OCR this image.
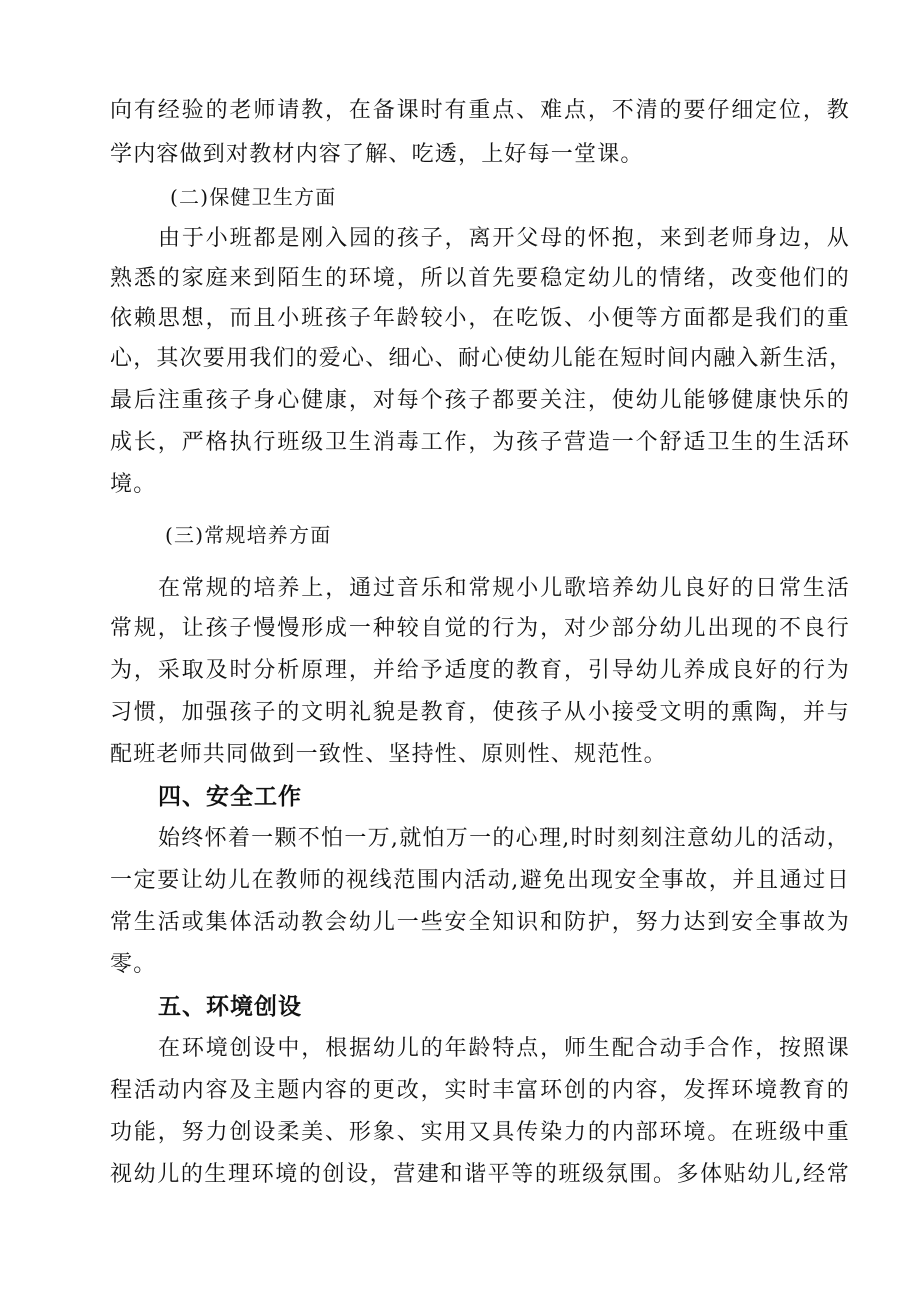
向有经验的老师请教，在备课时有重点、难点，不清的要仔细定位，教
学内容做到对教材内容了解、吃透，上好每一堂课。
(二)保健卫生方面
由于小班都是刚入园的孩子，离开父母的怀抱，来到老师身边，从
熟悉的家庭来到陌生的环境，所以首先要稳定幼儿的情绪，改变他们的
依赖思想，而且小班孩子年龄较小，在吃饭、小便等方面都是我们的重
心，其次要用我们的爱心、细心、耐心使幼儿能在短时间内融入新生活，
最后注重孩子身心健康，对每个孩子都要关注，使幼儿能够健康快乐的
成长，严格执行班级卫生消毒工作，为孩子营造一个舒适卫生的生活环
境。
(三)常规培养方面
在常规的培养上，通过音乐和常规小儿歌培养幼儿良好的日常生活
常规，让孩子慢慢形成一种较自觉的行为，对少部分幼儿出现的不良行
为，采取及时分析原理，并给予适度的教育，引导幼儿养成良好的行为
习惯，加强孩子的文明礼貌是教育，使孩子从小接受文明的熏陶，并与
配班老师共同做到一致性、坚持性、原则性、规范性。
四、安全工作
始终怀着一颗不怕一万,就怕万一的心理,时时刻刻注意幼儿的活动，
一定要让幼儿在教师的视线范围内活动,避免出现安全事故，并且通过日
常生活或集体活动教会幼儿一些安全知识和防护，努力达到安全事故为
零。
五、环境创设
在环境创设中，根据幼儿的年龄特点，师生配合动手合作，按照课
程活动内容及主题内容的更改，实时丰富环创的内容，发挥环境教育的
功能，努力创设柔美、形象、实用又具传染力的内部环境。在班级中重
视幼儿的生理环境的创设，营建和谐平等的班级氛围。多体贴幼儿,经常
